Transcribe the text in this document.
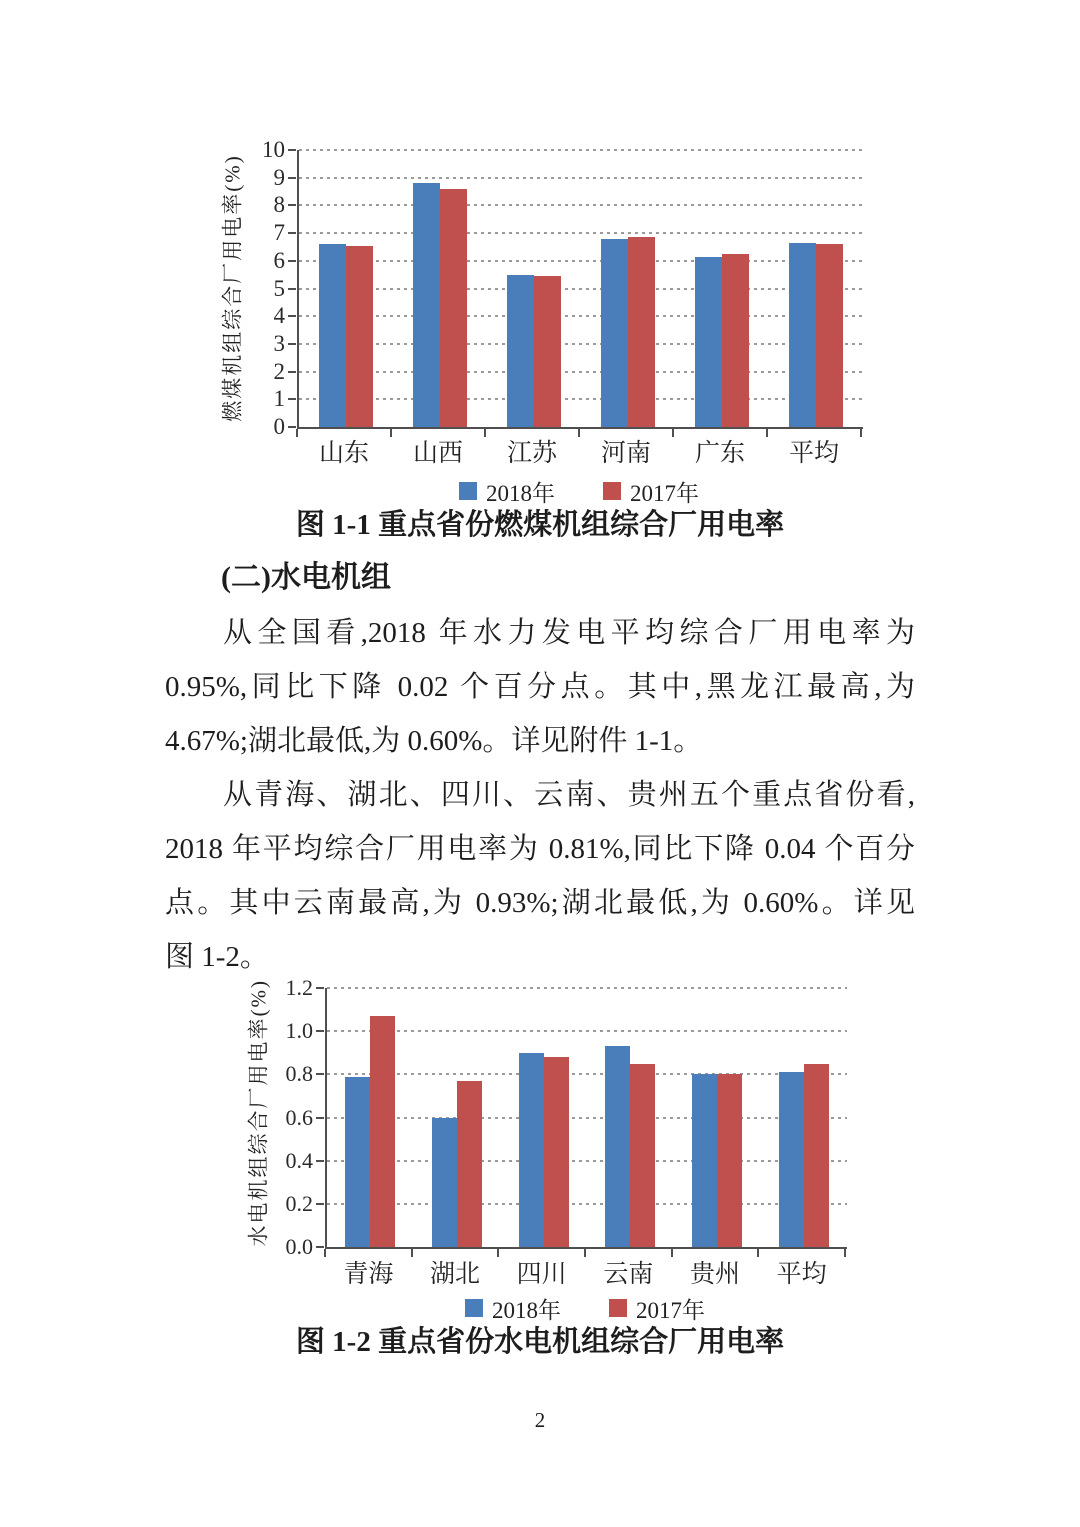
0
1
2
3
4
5
6
7
8
9
10
山东	山西	江苏	河南	广东	平均
燃煤机组综合厂用电率(%)
2018年	2017年
图 1-1 重点省份燃煤机组综合厂用电率
(二)水电机组

从全国看,2018 年水力发电平均综合厂用电率为

0.95%,同比下降 0.02 个百分点。其中,黑龙江最高,为

4.67%;湖北最低,为 0.60%。详见附件 1-1。

从青海、湖北、四川、云南、贵州五个重点省份看,

2018 年平均综合厂用电率为 0.81%,同比下降 0.04 个百分

点。其中云南最高,为 0.93%;湖北最低,为 0.60%。详见

图 1-2。

0.0
0.2
0.4
0.6
0.8
1.0
1.2
青海	湖北	四川	云南	贵州	平均
水电机组综合厂用电率(%)
2018年	2017年
图 1-2 重点省份水电机组综合厂用电率
2
